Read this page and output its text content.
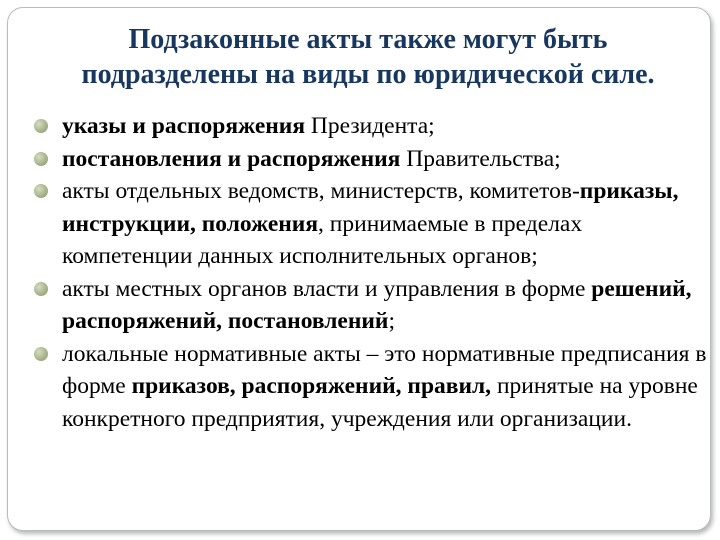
Подзаконные акты также могут быть
подразделены на виды по юридической силе.
указы и распоряжения Президента;
постановления и распоряжения Правительства;
акты отдельных ведомств, министерств, комитетов-приказы, инструкции, положения, принимаемые в пределах компетенции данных исполнительных органов;
акты местных органов власти и управления в форме решений, распоряжений, постановлений;
локальные нормативные акты – это нормативные предписания в форме приказов, распоряжений, правил, принятые на уровне конкретного предприятия, учреждения или организации.
